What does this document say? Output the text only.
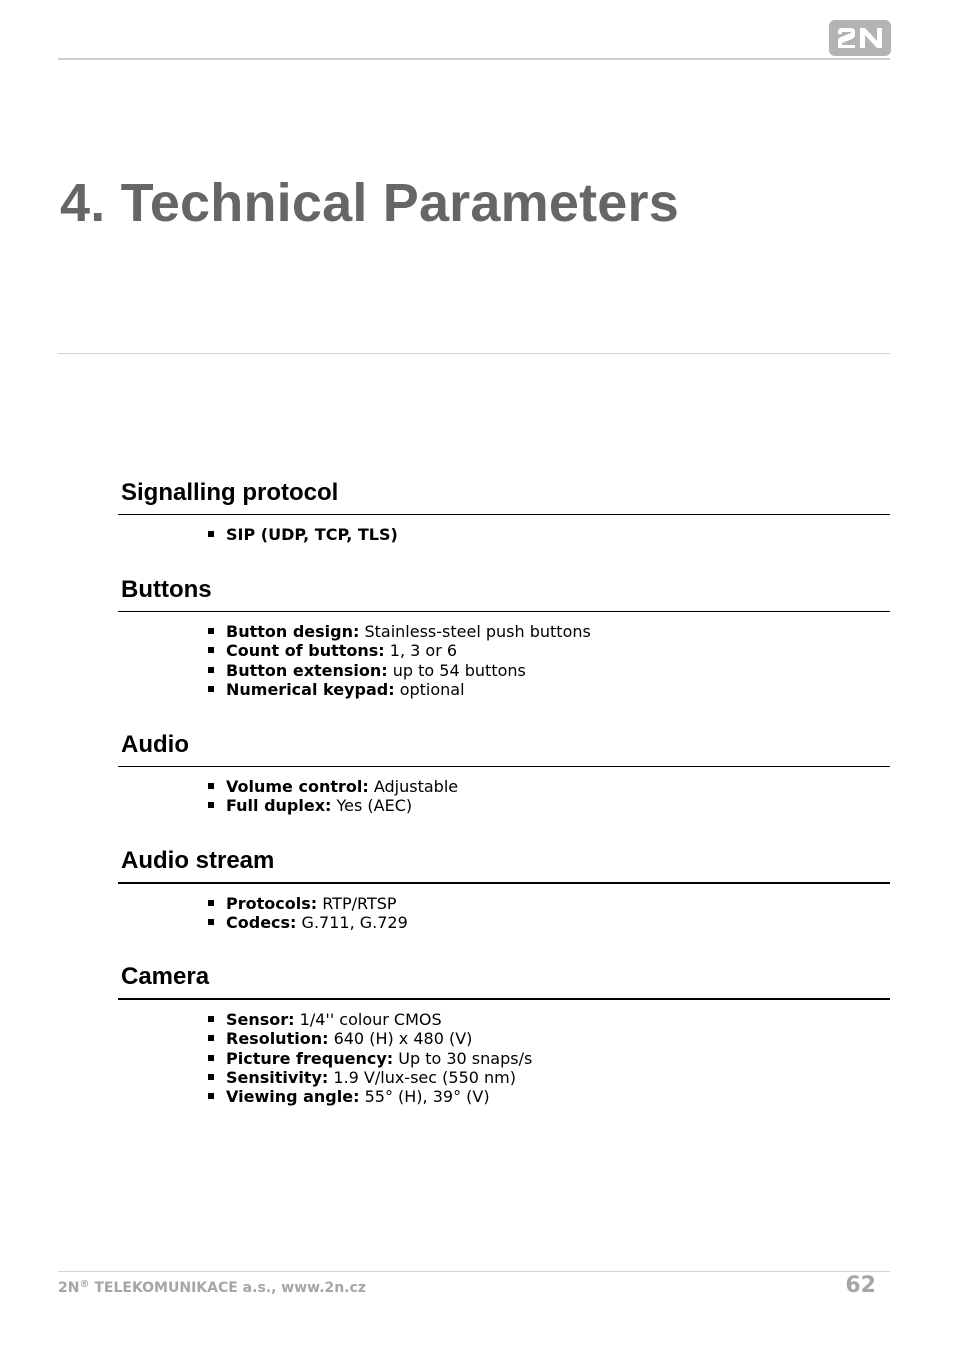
4. Technical Parameters
Signalling protocol
SIP (UDP, TCP, TLS)
Buttons
Button design: Stainless-steel push buttons
Count of buttons: 1, 3 or 6
Button extension: up to 54 buttons
Numerical keypad: optional
Audio
Volume control: Adjustable
Full duplex: Yes (AEC)
Audio stream
Protocols: RTP/RTSP
Codecs: G.711, G.729
Camera
Sensor: 1/4'' colour CMOS
Resolution: 640 (H) x 480 (V)
Picture frequency: Up to 30 snaps/s
Sensitivity: 1.9 V/lux-sec (550 nm)
Viewing angle: 55° (H), 39° (V)
2N® TELEKOMUNIKACE a.s., www.2n.cz	62
